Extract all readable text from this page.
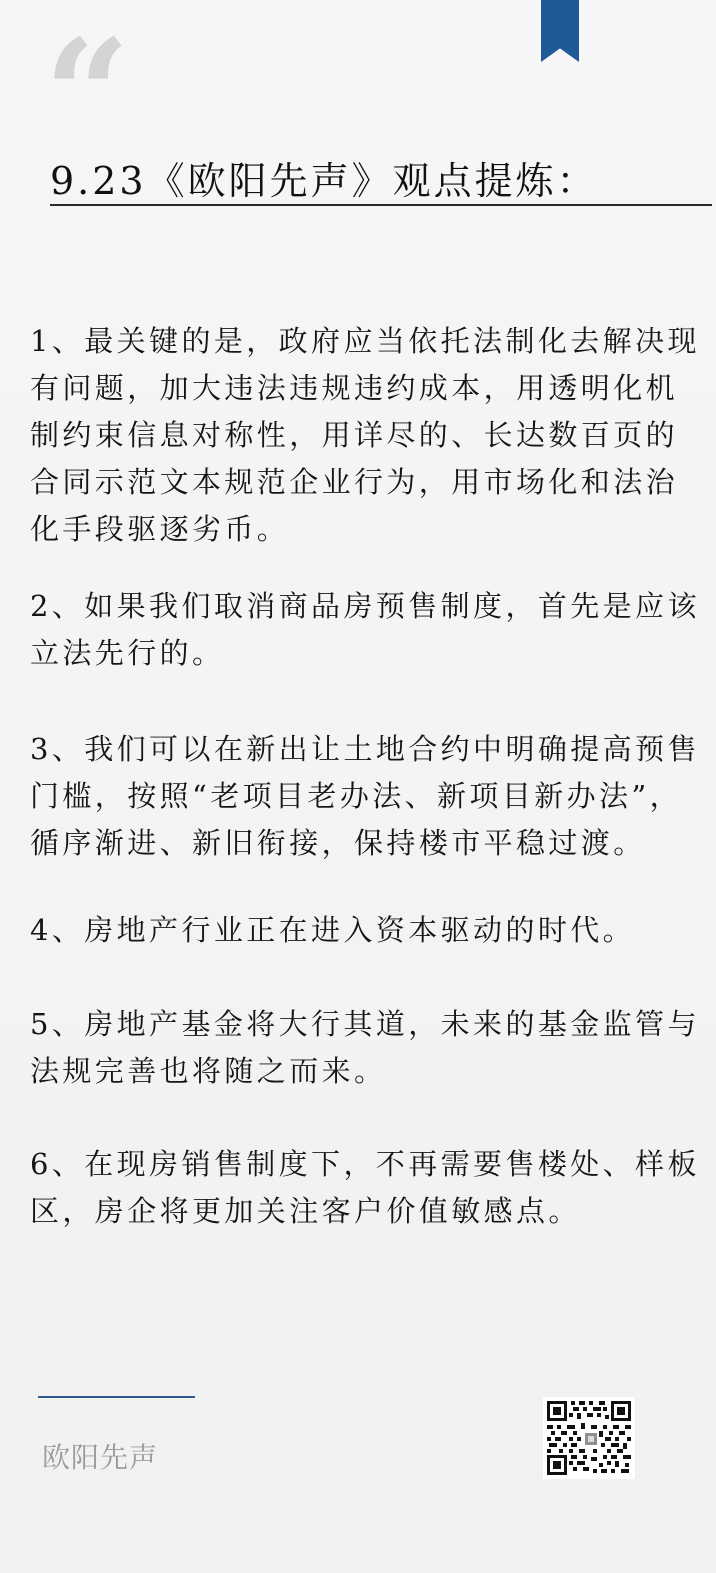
“
9.23《欧阳先声》观点提炼：

1、最关键的是，政府应当依托法制化去解决现有问题，加大违法违规违约成本，用透明化机制约束信息对称性，用详尽的、长达数百页的合同示范文本规范企业行为，用市场化和法治化手段驱逐劣币。

2、如果我们取消商品房预售制度，首先是应该立法先行的。

3、我们可以在新出让土地合约中明确提高预售门槛，按照“老项目老办法、新项目新办法”，循序渐进、新旧衔接，保持楼市平稳过渡。

4、房地产行业正在进入资本驱动的时代。

5、房地产基金将大行其道，未来的基金监管与法规完善也将随之而来。

6、在现房销售制度下，不再需要售楼处、样板区，房企将更加关注客户价值敏感点。

欧阳先声
